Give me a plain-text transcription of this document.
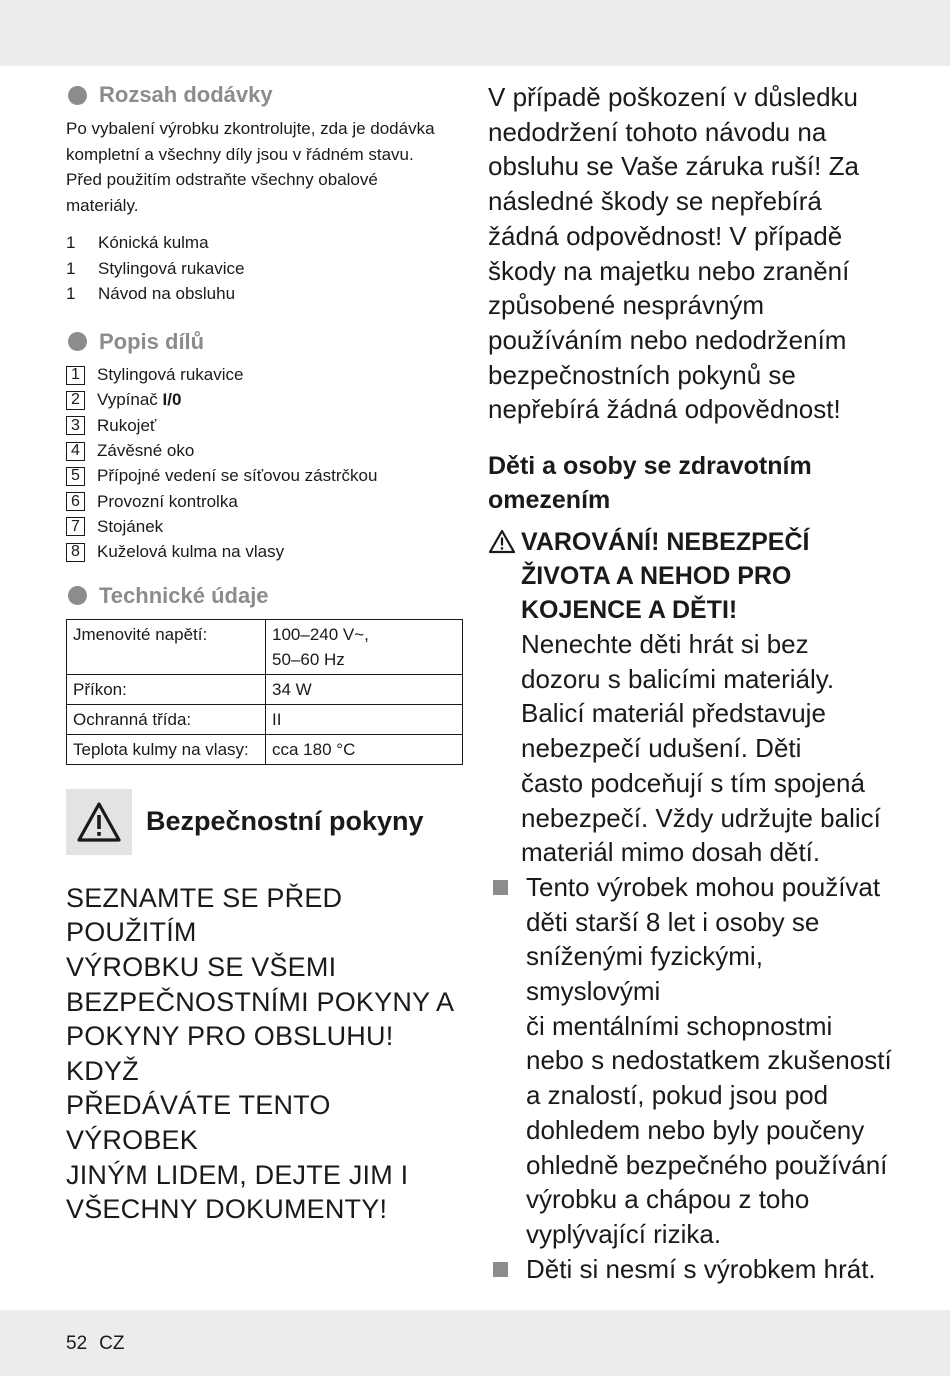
Rozsah dodávky
Po vybalení výrobku zkontrolujte, zda je dodávka
kompletní a všechny díly jsou v řádném stavu.
Před použitím odstraňte všechny obalové
materiály.
1	Kónická kulma
1	Stylingová rukavice
1	Návod na obsluhu
Popis dílů
1 Stylingová rukavice
2 Vypínač I/0
3 Rukojeť
4 Závěsné oko
5 Přípojné vedení se síťovou zástrčkou
6 Provozní kontrolka
7 Stojánek
8 Kuželová kulma na vlasy
Technické údaje
Jmenovité napětí:	100–240 V~,
50–60 Hz

Příkon:	34 W
Ochranná třída:	II
Teplota kulmy na vlasy:	cca 180 °C
Bezpečnostní pokyny
SEZNAMTE SE PŘED POUŽITÍM
VÝROBKU SE VŠEMI
BEZPEČNOSTNÍMI POKYNY A
POKYNY PRO OBSLUHU! KDYŽ
PŘEDÁVÁTE TENTO VÝROBEK
JINÝM LIDEM, DEJTE JIM I
VŠECHNY DOKUMENTY!
V případě poškození v důsledku
nedodržení tohoto návodu na
obsluhu se Vaše záruka ruší! Za
následné škody se nepřebírá
žádná odpovědnost! V případě
škody na majetku nebo zranění
způsobené nesprávným
používáním nebo nedodržením
bezpečnostních pokynů se
nepřebírá žádná odpovědnost!
Děti a osoby se zdravotním
omezením
VAROVÁNÍ! NEBEZPEČÍ
ŽIVOTA A NEHOD PRO
KOJENCE A DĚTI!
Nenechte děti hrát si bez
dozoru s balicími materiály.
Balicí materiál představuje
nebezpečí udušení. Děti
často podceňují s tím spojená
nebezpečí. Vždy udržujte balicí
materiál mimo dosah dětí.
Tento výrobek mohou používat
děti starší 8 let i osoby se
sníženými fyzickými, smyslovými
či mentálními schopnostmi
nebo s nedostatkem zkušeností
a znalostí, pokud jsou pod
dohledem nebo byly poučeny
ohledně bezpečného používání
výrobku a chápou z toho
vyplývající rizika.
Děti si nesmí s výrobkem hrát.
52 CZ
